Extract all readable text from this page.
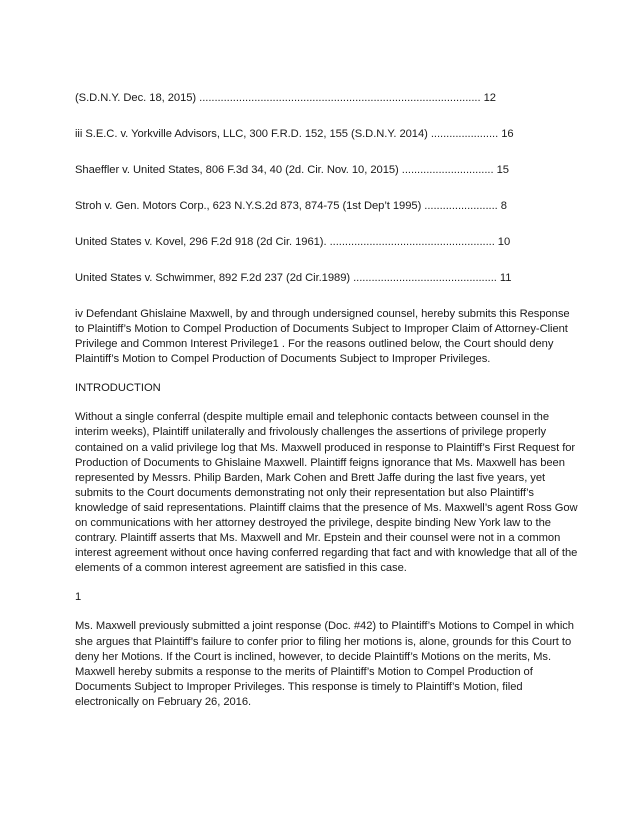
(S.D.N.Y. Dec. 18, 2015) ............................................................................................ 12
iii S.E.C. v. Yorkville Advisors, LLC, 300 F.R.D. 152, 155 (S.D.N.Y. 2014) ...................... 16
Shaeffler v. United States, 806 F.3d 34, 40 (2d. Cir. Nov. 10, 2015) .............................. 15
Stroh v. Gen. Motors Corp., 623 N.Y.S.2d 873, 874-75 (1st Dep’t 1995) ........................ 8
United States v. Kovel, 296 F.2d 918 (2d Cir. 1961). ...................................................... 10
United States v. Schwimmer, 892 F.2d 237 (2d Cir.1989) ............................................... 11

iv Defendant Ghislaine Maxwell, by and through undersigned counsel, hereby submits this Response to Plaintiff’s Motion to Compel Production of Documents Subject to Improper Claim of Attorney-Client Privilege and Common Interest Privilege1 . For the reasons outlined below, the Court should deny Plaintiff’s Motion to Compel Production of Documents Subject to Improper Privileges.

INTRODUCTION

Without a single conferral (despite multiple email and telephonic contacts between counsel in the interim weeks), Plaintiff unilaterally and frivolously challenges the assertions of privilege properly contained on a valid privilege log that Ms. Maxwell produced in response to Plaintiff’s First Request for Production of Documents to Ghislaine Maxwell. Plaintiff feigns ignorance that Ms. Maxwell has been represented by Messrs. Philip Barden, Mark Cohen and Brett Jaffe during the last five years, yet submits to the Court documents demonstrating not only their representation but also Plaintiff’s knowledge of said representations. Plaintiff claims that the presence of Ms. Maxwell’s agent Ross Gow on communications with her attorney destroyed the privilege, despite binding New York law to the contrary. Plaintiff asserts that Ms. Maxwell and Mr. Epstein and their counsel were not in a common interest agreement without once having conferred regarding that fact and with knowledge that all of the elements of a common interest agreement are satisfied in this case.

1

Ms. Maxwell previously submitted a joint response (Doc. #42) to Plaintiff’s Motions to Compel in which she argues that Plaintiff’s failure to confer prior to filing her motions is, alone, grounds for this Court to deny her Motions. If the Court is inclined, however, to decide Plaintiff’s Motions on the merits, Ms. Maxwell hereby submits a response to the merits of Plaintiff’s Motion to Compel Production of Documents Subject to Improper Privileges. This response is timely to Plaintiff’s Motion, filed electronically on February 26, 2016.
